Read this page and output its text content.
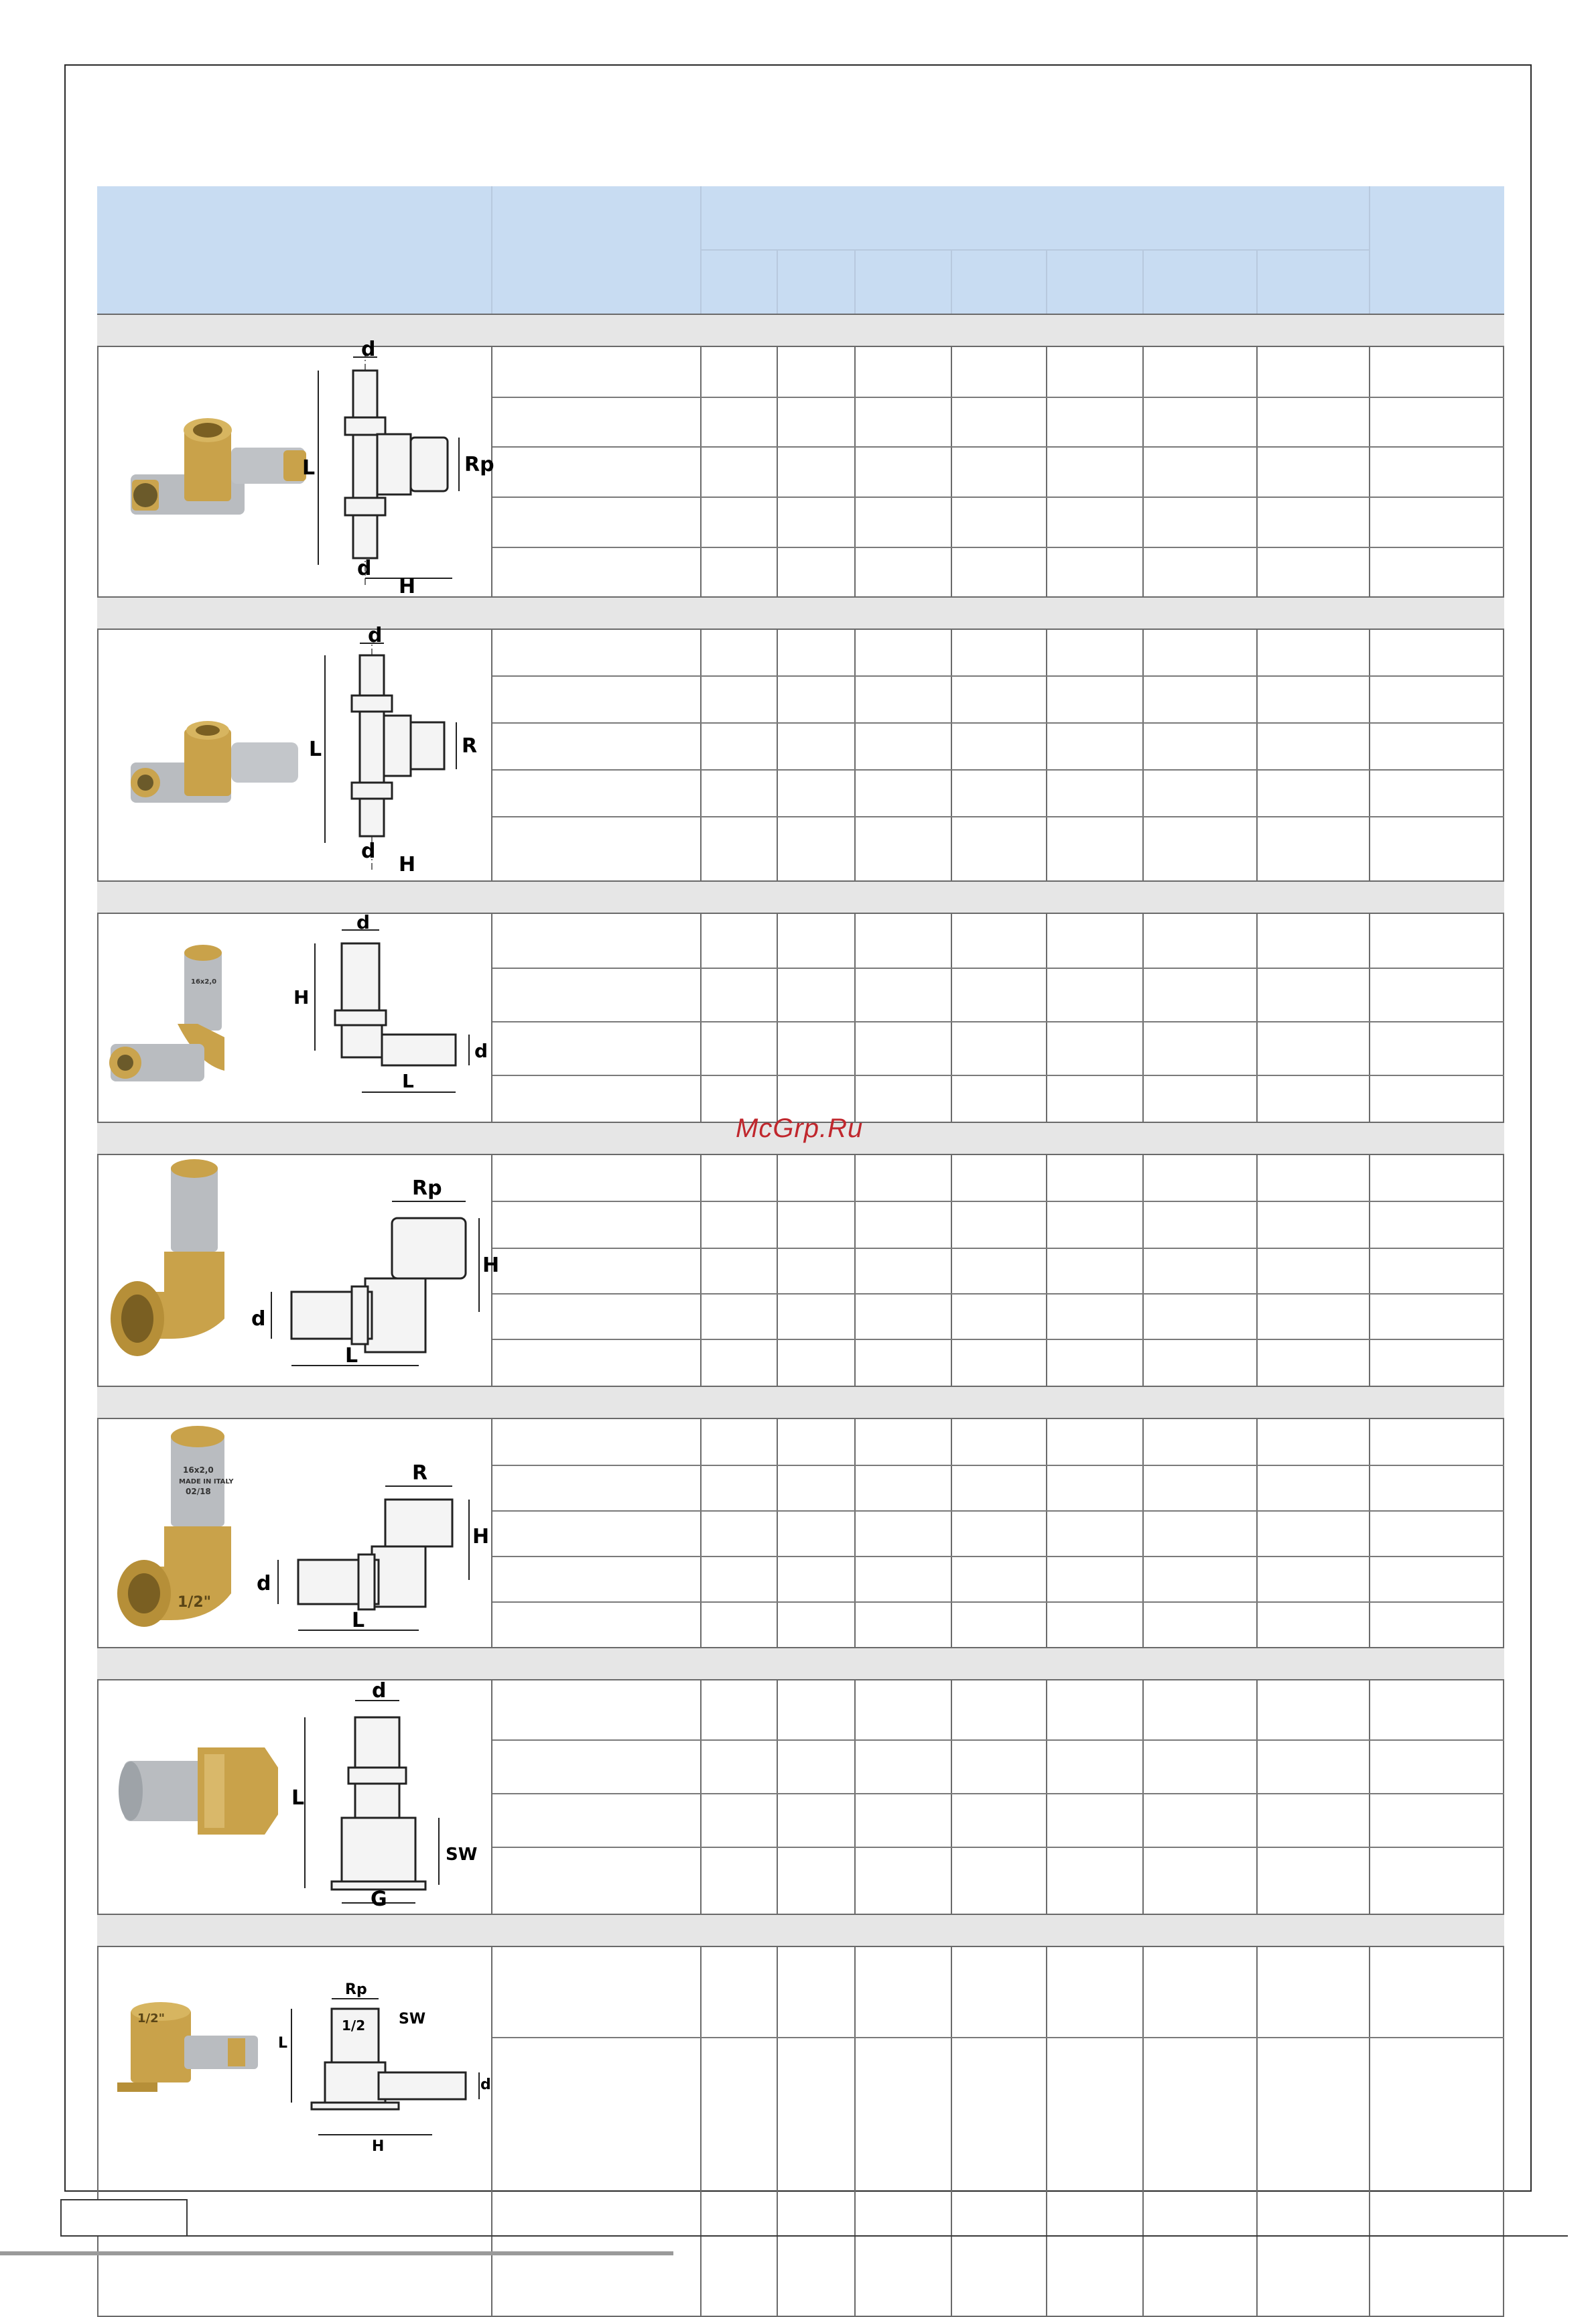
d
L	Rp
d
H
d
L	R
d
H
16x2,0
d
H
d
L
Rp
H
d
L
16x2,0
MADE IN ITALY
02/18
1/2"
R
H
d
L
d
L
SW
G
1/2"
Rp
1/2 SW
L
d
H
McGrp.Ru
